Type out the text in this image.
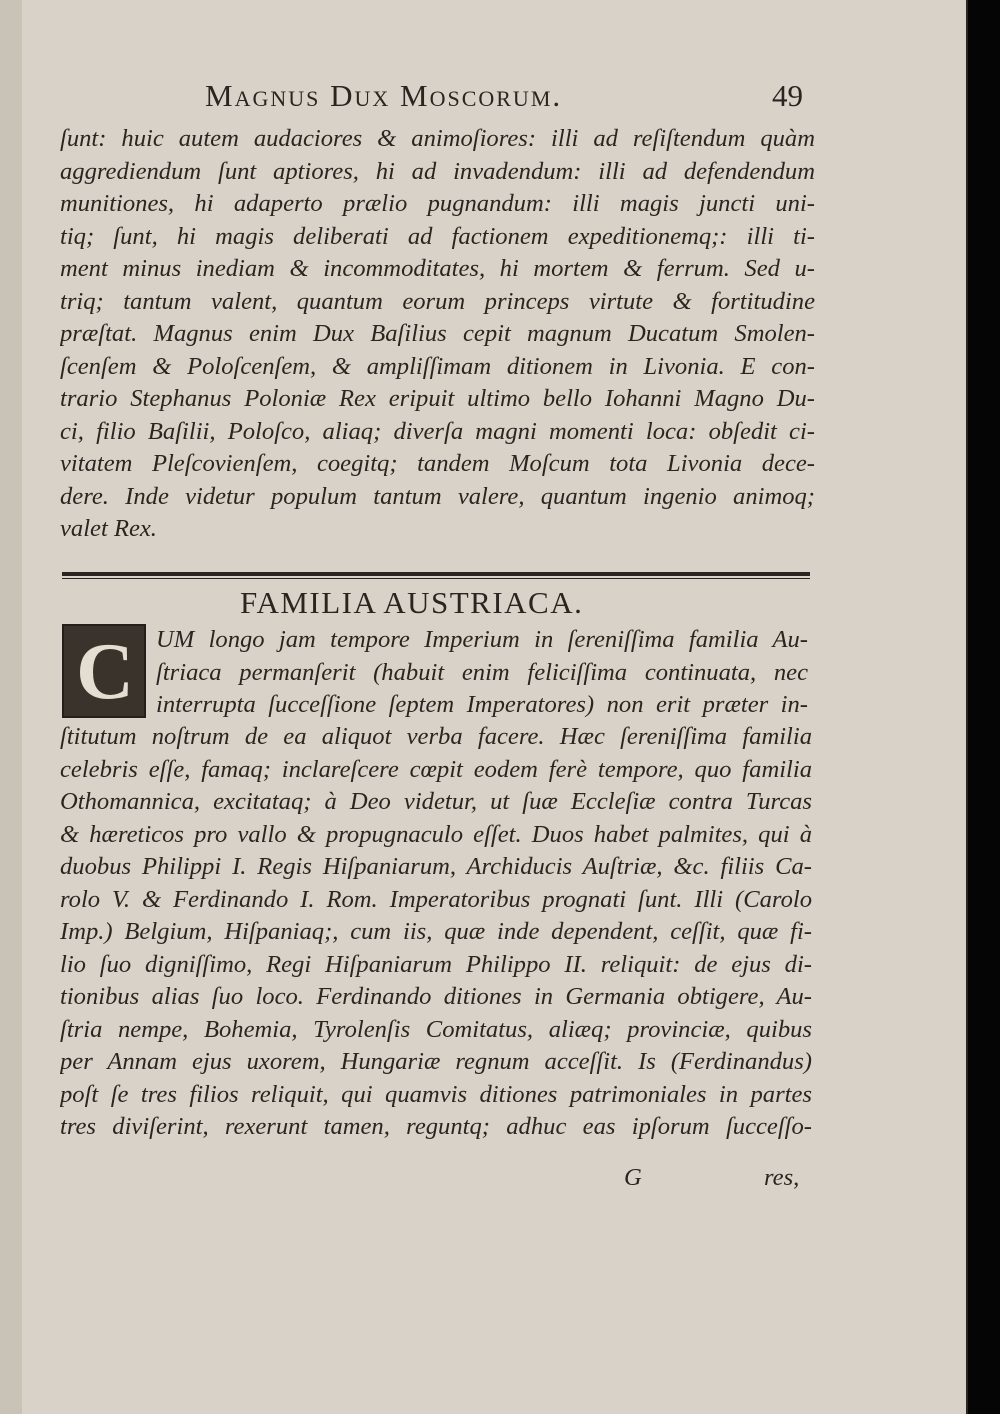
Magnus Dux Moscorum.	49
ſunt: huic autem audaciores & animoſiores: illi ad reſiſtendum quàm
aggrediendum ſunt aptiores, hi ad invadendum: illi ad defendendum
munitiones, hi adaperto prælio pugnandum: illi magis juncti uni-
tiq; ſunt, hi magis deliberati ad factionem expeditionemq;: illi ti-
ment minus inediam & incommoditates, hi mortem & ferrum. Sed u-
triq; tantum valent, quantum eorum princeps virtute & fortitudine
præſtat. Magnus enim Dux Baſilius cepit magnum Ducatum Smolen-
ſcenſem & Poloſcenſem, & ampliſſimam ditionem in Livonia. E con-
trario Stephanus Poloniæ Rex eripuit ultimo bello Iohanni Magno Du-
ci, filio Baſilii, Poloſco, aliaq; diverſa magni momenti loca: obſedit ci-
vitatem Pleſcovienſem, coegitq; tandem Moſcum tota Livonia dece-
dere. Inde videtur populum tantum valere, quantum ingenio animoq;
valet Rex.
FAMILIA AUSTRIACA.
C UM longo jam tempore Imperium in ſereniſſima familia Au-
ſtriaca permanſerit (habuit enim feliciſſima continuata, nec
interrupta ſucceſſione ſeptem Imperatores) non erit præter in-
ſtitutum noſtrum de ea aliquot verba facere. Hæc ſereniſſima familia
celebris eſſe, famaq; inclareſcere cœpit eodem ferè tempore, quo familia
Othomannica, excitataq; à Deo videtur, ut ſuæ Eccleſiæ contra Turcas
& hæreticos pro vallo & propugnaculo eſſet. Duos habet palmites, qui à
duobus Philippi I. Regis Hiſpaniarum, Archiducis Auſtriæ, &c. filiis Ca-
rolo V. & Ferdinando I. Rom. Imperatoribus prognati ſunt. Illi (Carolo
Imp.) Belgium, Hiſpaniaq;, cum iis, quæ inde dependent, ceſſit, quæ fi-
lio ſuo digniſſimo, Regi Hiſpaniarum Philippo II. reliquit: de ejus di-
tionibus alias ſuo loco. Ferdinando ditiones in Germania obtigere, Au-
ſtria nempe, Bohemia, Tyrolenſis Comitatus, aliæq; provinciæ, quibus
per Annam ejus uxorem, Hungariæ regnum acceſſit. Is (Ferdinandus)
poſt ſe tres filios reliquit, qui quamvis ditiones patrimoniales in partes
tres diviſerint, rexerunt tamen, reguntq; adhuc eas ipſorum ſucceſſo-
G	res,
